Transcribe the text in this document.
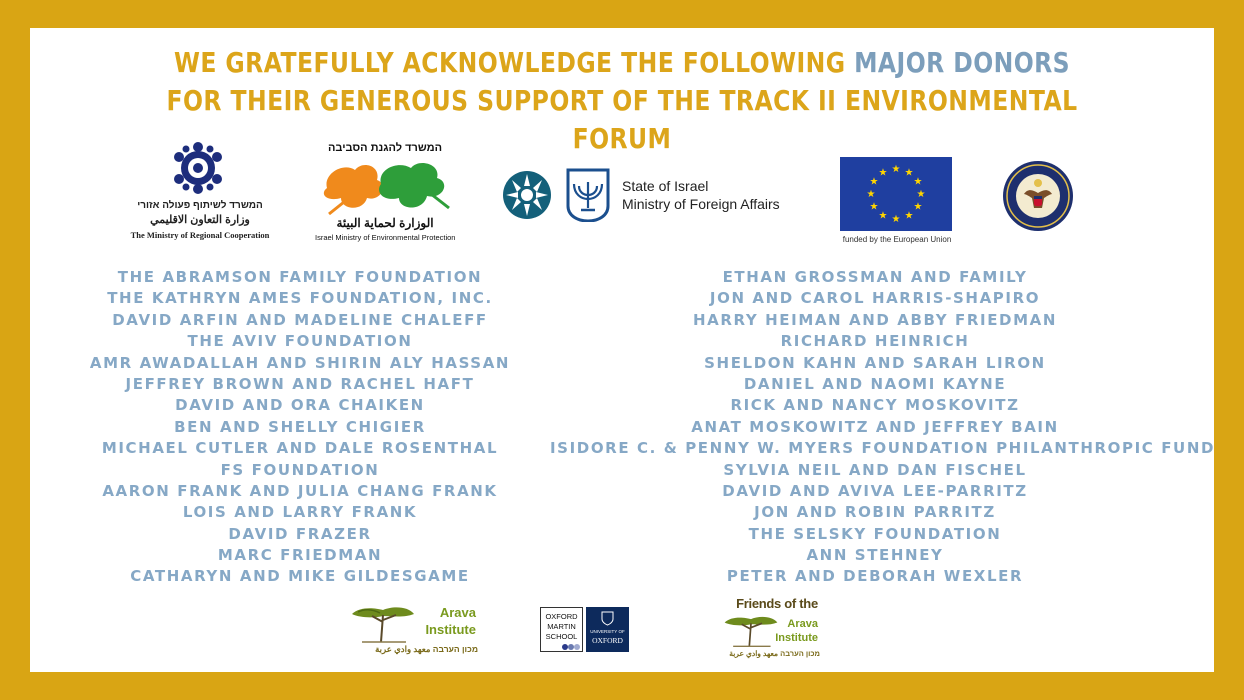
WE GRATEFULLY ACKNOWLEDGE THE FOLLOWING MAJOR DONORS
FOR THEIR GENEROUS SUPPORT OF THE TRACK II ENVIRONMENTAL FORUM
המשרד לשיתוף פעולה אזורי
وزارة التعاون الاقليمي
The Ministry of Regional Cooperation
המשרד להגנת הסביבה
الوزارة لحماية البيئة
Israel Ministry of Environmental Protection
State of Israel
Ministry of Foreign Affairs
★ ★
★
★
★
★
★
★
★
★
★
★
funded by the European Union
THE ABRAMSON FAMILY FOUNDATION
THE KATHRYN AMES FOUNDATION, INC.
DAVID ARFIN AND MADELINE CHALEFF
THE AVIV FOUNDATION
AMR AWADALLAH AND SHIRIN ALY HASSAN
JEFFREY BROWN AND RACHEL HAFT
DAVID AND ORA CHAIKEN
BEN AND SHELLY CHIGIER
MICHAEL CUTLER AND DALE ROSENTHAL
FS FOUNDATION
AARON FRANK AND JULIA CHANG FRANK
LOIS AND LARRY FRANK
DAVID FRAZER
MARC FRIEDMAN
CATHARYN AND MIKE GILDESGAME
ETHAN GROSSMAN AND FAMILY
JON AND CAROL HARRIS-SHAPIRO
HARRY HEIMAN AND ABBY FRIEDMAN
RICHARD HEINRICH
SHELDON KAHN AND SARAH LIRON
DANIEL AND NAOMI KAYNE
RICK AND NANCY MOSKOVITZ
ANAT MOSKOWITZ AND JEFFREY BAIN
ISIDORE C. & PENNY W. MYERS FOUNDATION PHILANTHROPIC FUND
SYLVIA NEIL AND DAN FISCHEL
DAVID AND AVIVA LEE-PARRITZ
JON AND ROBIN PARRITZ
THE SELSKY FOUNDATION
ANN STEHNEY
PETER AND DEBORAH WEXLER
Arava
Institute
מכון הערבה معهد وادي عربة
OXFORD
MARTIN
SCHOOL
UNIVERSITY OF
OXFORD
Friends of the
Arava
Institute
מכון הערבה معهد وادي عربة
